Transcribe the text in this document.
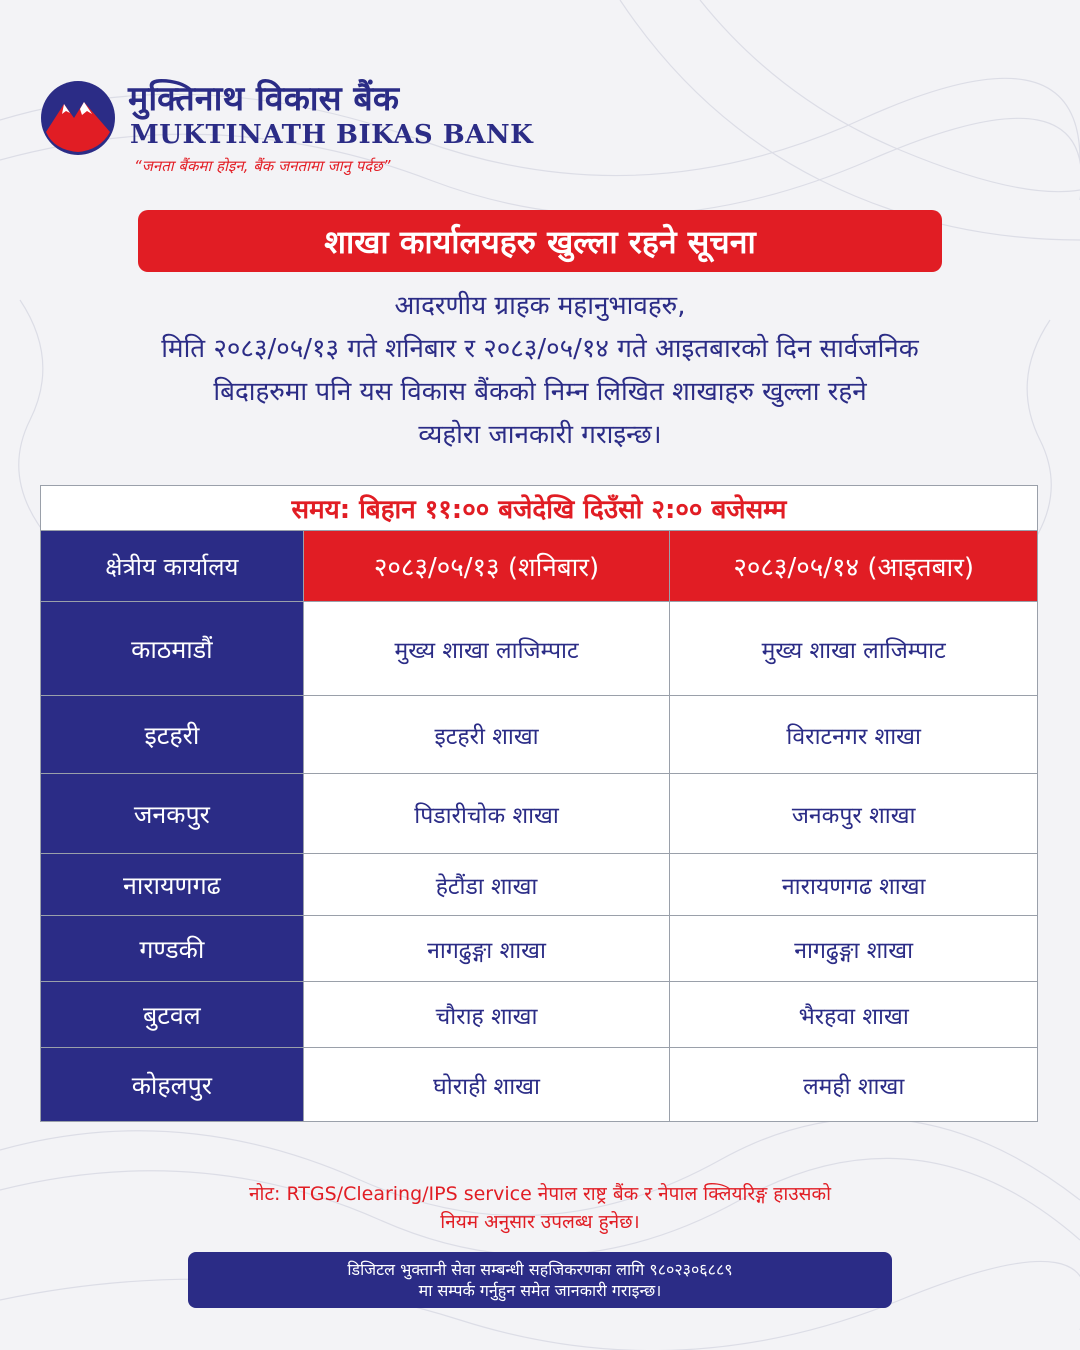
मुक्तिनाथ विकास बैंक
MUKTINATH BIKAS BANK
“जनता बैंकमा होइन, बैंक जनतामा जानु पर्दछ”
शाखा कार्यालयहरु खुल्ला रहने सूचना
आदरणीय ग्राहक महानुभावहरु,
मिति २०८३/०५/१३ गते शनिबार र २०८३/०५/१४ गते आइतबारको दिन सार्वजनिक
बिदाहरुमा पनि यस विकास बैंकको निम्न लिखित शाखाहरु खुल्ला रहने
व्यहोरा जानकारी गराइन्छ।
समय: बिहान ११:०० बजेदेखि दिउँसो २:०० बजेसम्म		
क्षेत्रीय कार्यालय	२०८३/०५/१३ (शनिबार)	२०८३/०५/१४ (आइतबार)
काठमाडौं	मुख्य शाखा लाजिम्पाट	मुख्य शाखा लाजिम्पाट
इटहरी	इटहरी शाखा	विराटनगर शाखा
जनकपुर	पिडारीचोक शाखा	जनकपुर शाखा
नारायणगढ	हेटौंडा शाखा	नारायणगढ शाखा
गण्डकी	नागढुङ्गा शाखा	नागढुङ्गा शाखा
बुटवल	चौराह शाखा	भैरहवा शाखा
कोहलपुर	घोराही शाखा	लमही शाखा
नोट: RTGS/Clearing/IPS service नेपाल राष्ट्र बैंक र नेपाल क्लियरिङ्ग हाउसको
नियम अनुसार उपलब्ध हुनेछ।
डिजिटल भुक्तानी सेवा सम्बन्धी सहजिकरणका लागि ९८०२३०६८८९
मा सम्पर्क गर्नुहुन समेत जानकारी गराइन्छ।
